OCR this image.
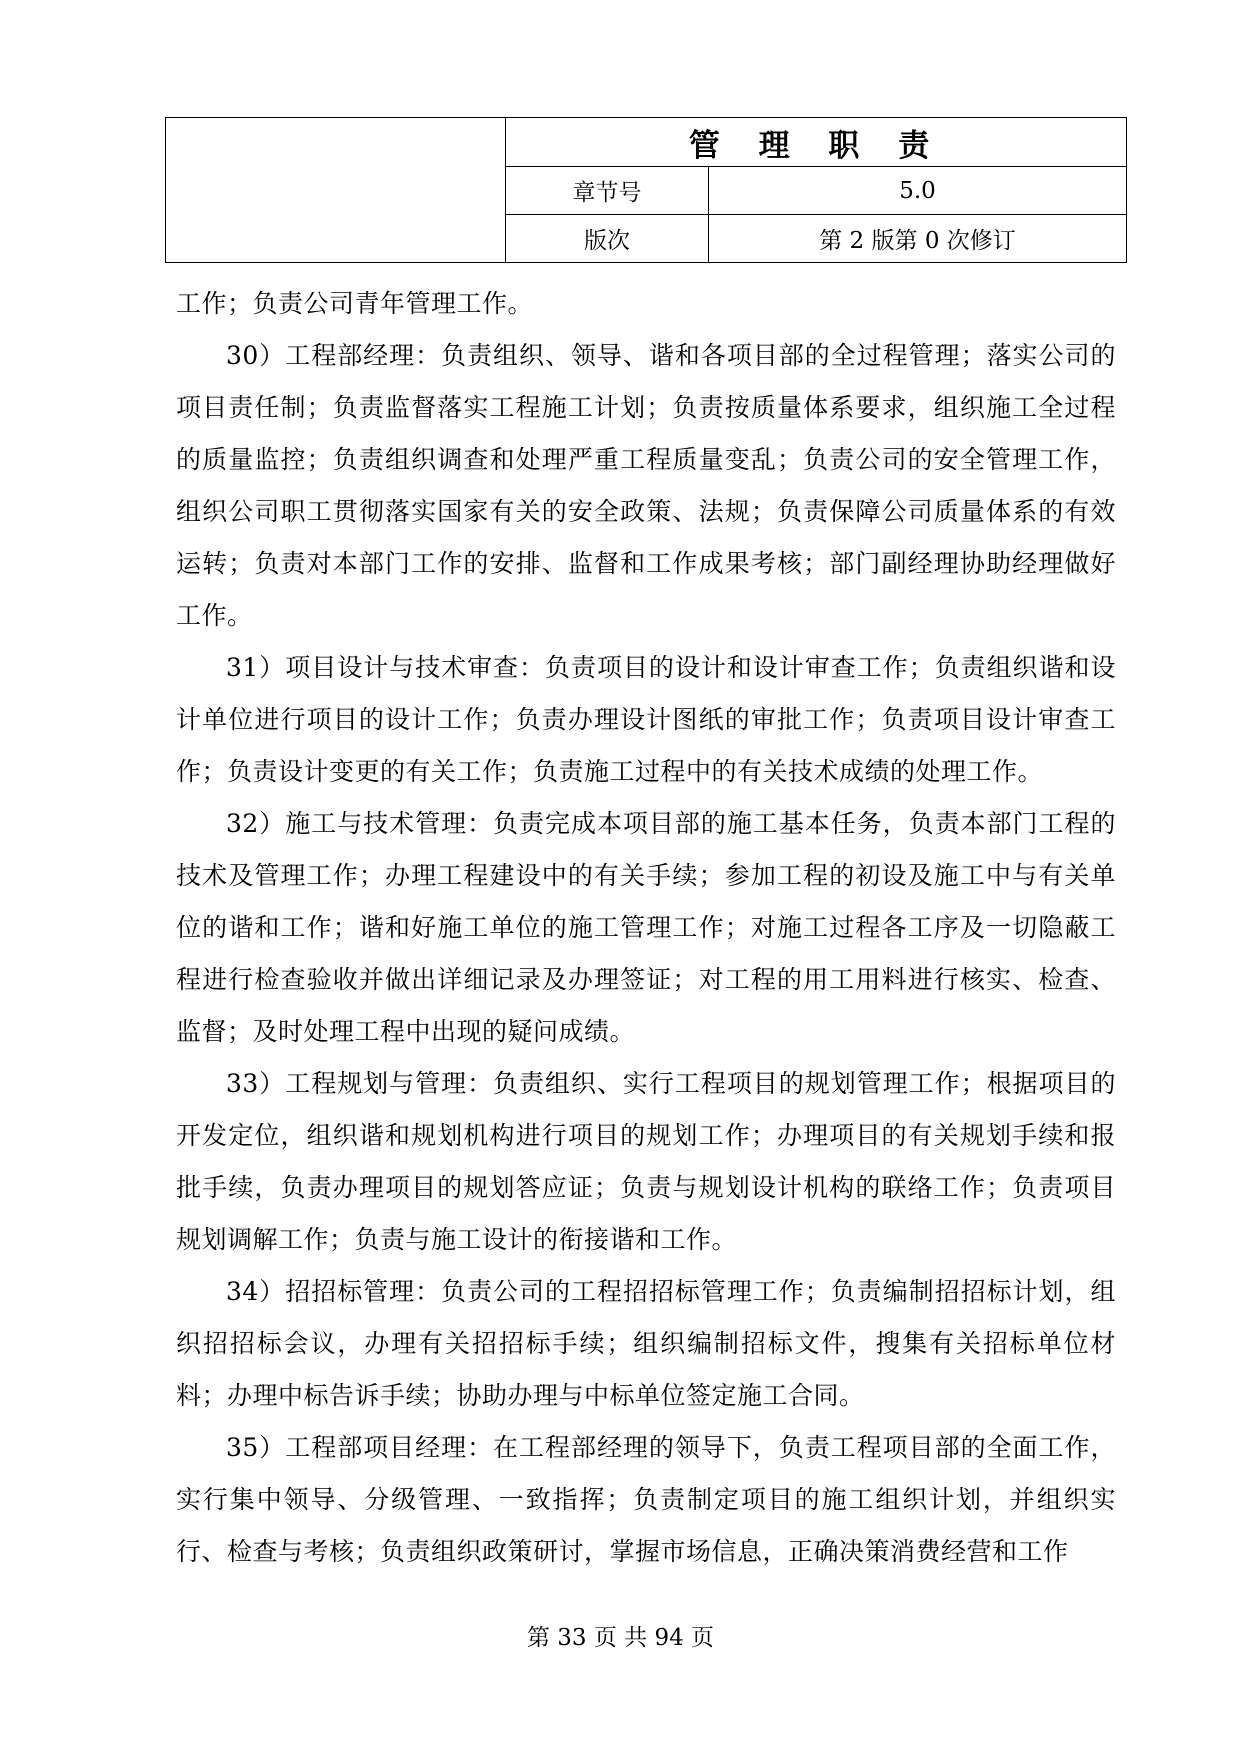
	管 理 职 责	
	章节号	5.0
	版次	第 2 版第 0 次修订

工作；负责公司青年管理工作。

30）工程部经理：负责组织、领导、谐和各项目部的全过程管理；落实公司的项目责任制；负责监督落实工程施工计划；负责按质量体系要求，组织施工全过程的质量监控；负责组织调查和处理严重工程质量变乱；负责公司的安全管理工作，组织公司职工贯彻落实国家有关的安全政策、法规；负责保障公司质量体系的有效运转；负责对本部门工作的安排、监督和工作成果考核；部门副经理协助经理做好工作。

31）项目设计与技术审查：负责项目的设计和设计审查工作；负责组织谐和设计单位进行项目的设计工作；负责办理设计图纸的审批工作；负责项目设计审查工作；负责设计变更的有关工作；负责施工过程中的有关技术成绩的处理工作。

32）施工与技术管理：负责完成本项目部的施工基本任务，负责本部门工程的技术及管理工作；办理工程建设中的有关手续；参加工程的初设及施工中与有关单位的谐和工作；谐和好施工单位的施工管理工作；对施工过程各工序及一切隐蔽工程进行检查验收并做出详细记录及办理签证；对工程的用工用料进行核实、检查、监督；及时处理工程中出现的疑问成绩。

33）工程规划与管理：负责组织、实行工程项目的规划管理工作；根据项目的开发定位，组织谐和规划机构进行项目的规划工作；办理项目的有关规划手续和报批手续，负责办理项目的规划答应证；负责与规划设计机构的联络工作；负责项目规划调解工作；负责与施工设计的衔接谐和工作。

34）招招标管理：负责公司的工程招招标管理工作；负责编制招招标计划，组织招招标会议，办理有关招招标手续；组织编制招标文件，搜集有关招标单位材料；办理中标告诉手续；协助办理与中标单位签定施工合同。

35）工程部项目经理：在工程部经理的领导下，负责工程项目部的全面工作，实行集中领导、分级管理、一致指挥；负责制定项目的施工组织计划，并组织实行、检查与考核；负责组织政策研讨，掌握市场信息，正确决策消费经营和工作

第 33 页 共 94 页
